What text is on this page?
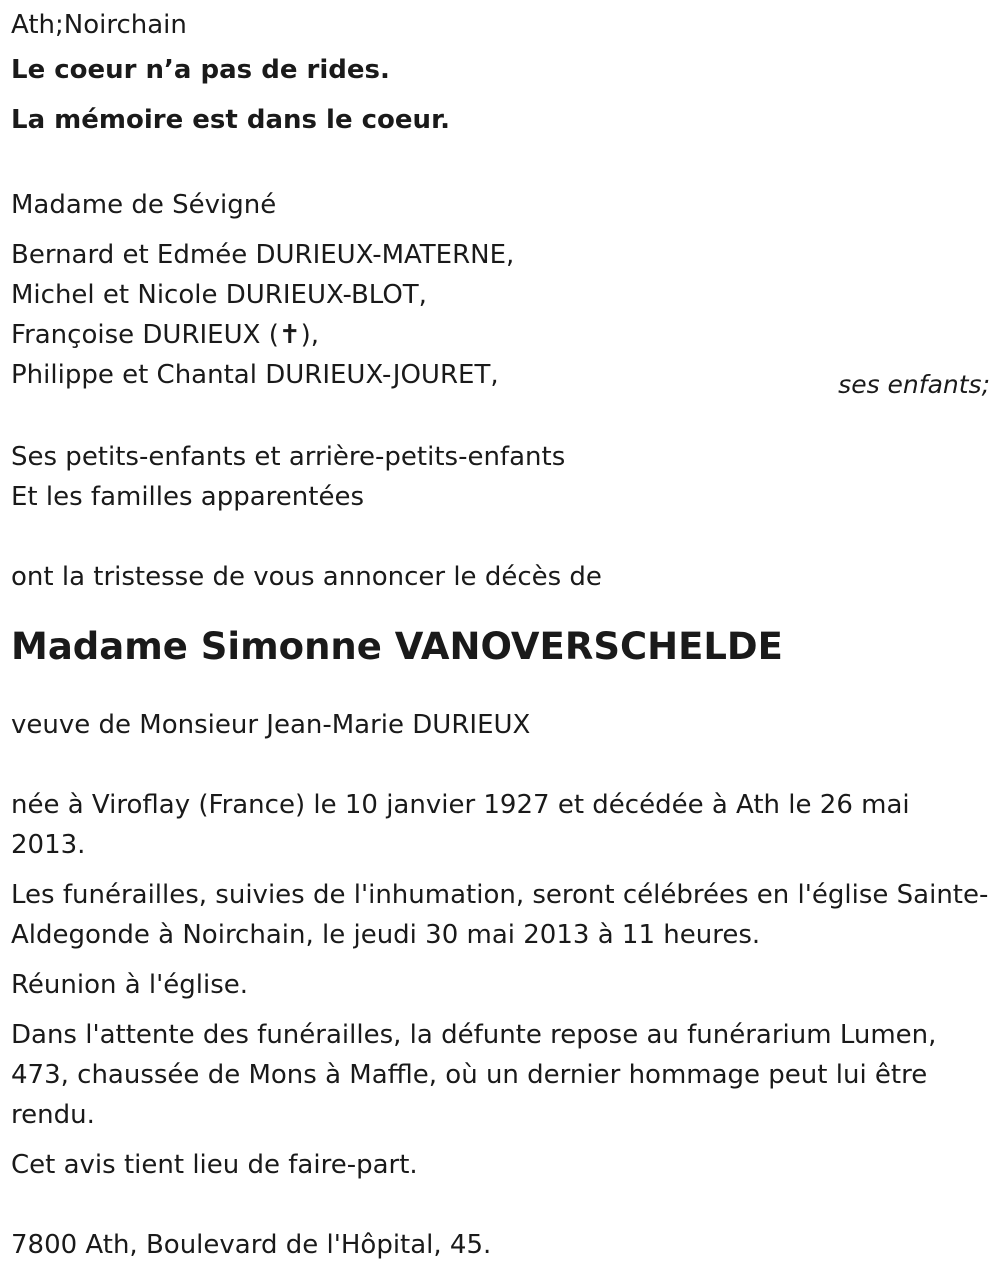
Ath;Noirchain
Le coeur n’a pas de rides.
La mémoire est dans le coeur.
Madame de Sévigné
Bernard et Edmée DURIEUX-MATERNE,
Michel et Nicole DURIEUX-BLOT,
Françoise DURIEUX (✝),
Philippe et Chantal DURIEUX-JOURET,	ses enfants;
Ses petits-enfants et arrière-petits-enfants
Et les familles apparentées
ont la tristesse de vous annoncer le décès de
Madame Simonne VANOVERSCHELDE
veuve de Monsieur Jean-Marie DURIEUX

née à Viroflay (France) le 10 janvier 1927 et décédée à Ath le 26 mai 2013.

Les funérailles, suivies de l'inhumation, seront célébrées en l'église Sainte-Aldegonde à Noirchain, le jeudi 30 mai 2013 à 11 heures.

Réunion à l'église.

Dans l'attente des funérailles, la défunte repose au funérarium Lumen, 473, chaussée de Mons à Maffle, où un dernier hommage peut lui être rendu.

Cet avis tient lieu de faire-part.

7800 Ath, Boulevard de l'Hôpital, 45.
